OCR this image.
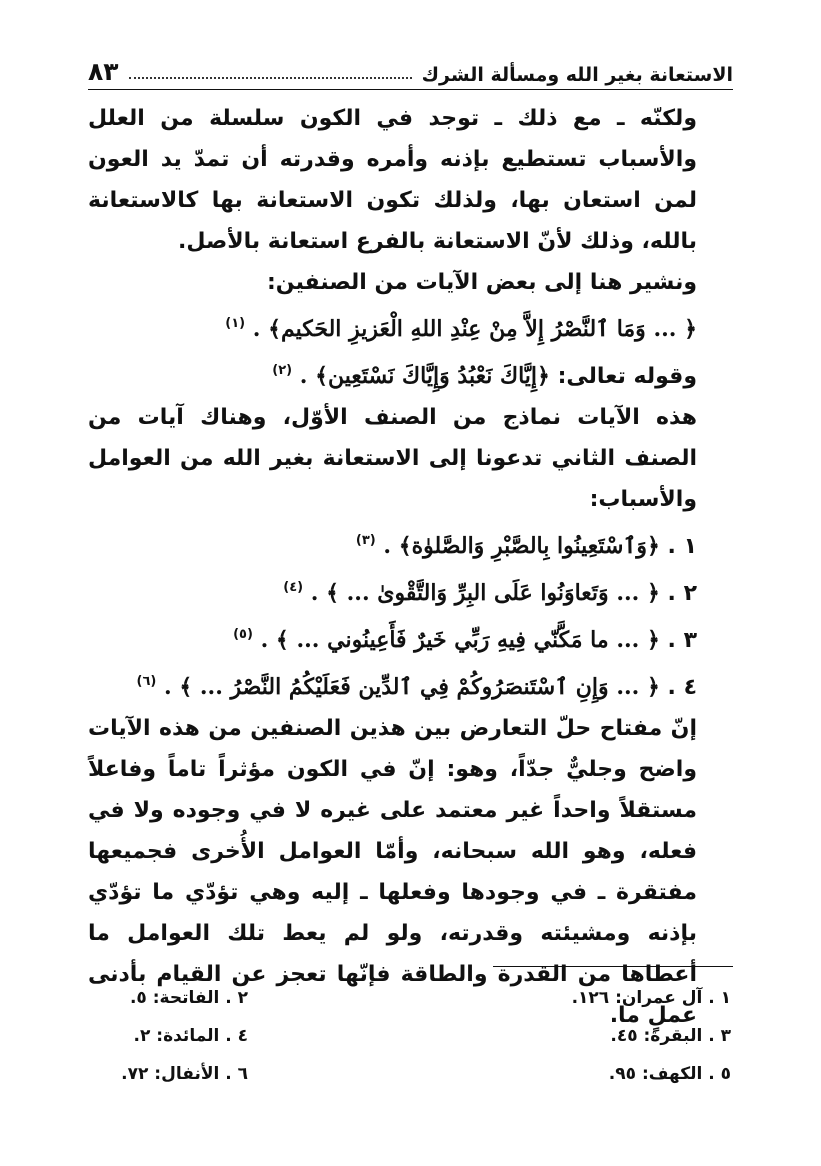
الاستعانة بغير الله ومسألة الشرك
٨٣

ولكنّه ـ مع ذلك ـ توجد في الكون سلسلة من العلل والأسباب تستطيع بإذنه وأمره وقدرته أن تمدّ يد العون لمن استعان بها، ولذلك تكون الاستعانة بها كالاستعانة بالله، وذلك لأنّ الاستعانة بالفرع استعانة بالأصل.

ونشير هنا إلى بعض الآيات من الصنفين:

﴿ ... وَمَا ٱلنَّصْرُ إِلاَّ مِنْ عِنْدِ اللهِ الْعَزيزِ الحَكيم﴾ . $^{(١)}$

وقوله تعالى: ﴿إِيَّاكَ نَعْبُدُ وَإِيَّاكَ نَسْتَعِين﴾ . $^{(٢)}$

هذه الآيات نماذج من الصنف الأوّل، وهناك آيات من الصنف الثاني تدعونا إلى الاستعانة بغير الله من العوامل والأسباب:

١ . ﴿وَٱسْتَعِينُوا بِالصَّبْرِ وَالصَّلوٰة﴾ . $^{(٣)}$

٢ . ﴿ ... وَتَعاوَنُوا عَلَى البِرِّ وَالتَّقْوىٰ ... ﴾ . $^{(٤)}$

٣ . ﴿ ... ما مَكَّنّي فِيهِ رَبِّي خَيرٌ فَأَعِينُوني ... ﴾ . $^{(٥)}$

٤ . ﴿ ... وَإِنِ ٱسْتَنصَرُوكُمْ فِي ٱلدِّين فَعَلَيْكُمُ النَّصْرُ ... ﴾ . $^{(٦)}$

إنّ مفتاح حلّ التعارض بين هذين الصنفين من هذه الآيات واضح وجليٌّ جدّاً، وهو: إنّ في الكون مؤثراً تاماً وفاعلاً مستقلاً واحداً غير معتمد على غيره لا في وجوده ولا في فعله، وهو الله سبحانه، وأمّا العوامل الأُخرى فجميعها مفتقرة ـ في وجودها وفعلها ـ إليه وهي تؤدّي ما تؤدّي بإذنه ومشيئته وقدرته، ولو لم يعط تلك العوامل ما أعطاها من القدرة والطاقة فإنّها تعجز عن القيام بأدنى عملٍ ما.

١ . آل عمران: ١٢٦.
٢ . الفاتحة: ٥.
٣ . البقرة: ٤٥.
٤ . المائدة: ٢.
٥ . الكهف: ٩٥.
٦ . الأنفال: ٧٢.
